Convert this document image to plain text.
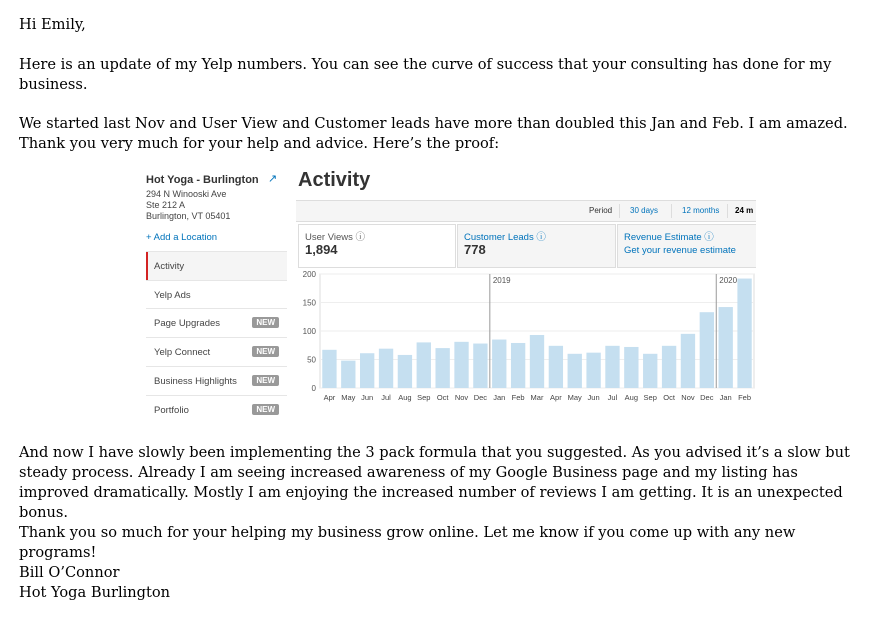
Hi Emily,

Here is an update of my Yelp numbers. You can see the curve of success that your consulting has done for my business.

We started last Nov and User View and Customer leads have more than doubled this Jan and Feb. I am amazed. Thank you very much for your help and advice. Here’s the proof:

Hot Yoga - Burlington ↗
294 N Winooski Ave
Ste 212 A
Burlington, VT 05401
+ Add a Location
Activity
Yelp Ads
Page Upgrades	NEW
Yelp Connect	NEW
Business Highlights	NEW
Portfolio	NEW
Activity
Period 30 days	12 months 24 m
User Views ⓘ
1,894
Customer Leads ⓘ
778
Revenue Estimate ⓘ
Get your revenue estimate
0
50
100
150
200
Apr May Jun Jul Aug Sep Oct Nov Dec Jan Feb Mar Apr May Jun Jul Aug Sep Oct Nov Dec Jan Feb
2019	2020

And now I have slowly been implementing the 3 pack formula that you suggested. As you advised it’s a slow but steady process. Already I am seeing increased awareness of my Google Business page and my listing has improved dramatically. Mostly I am enjoying the increased number of reviews I am getting. It is an unexpected bonus.

Thank you so much for your helping my business grow online. Let me know if you come up with any new programs!

Bill O’Connor
Hot Yoga Burlington
